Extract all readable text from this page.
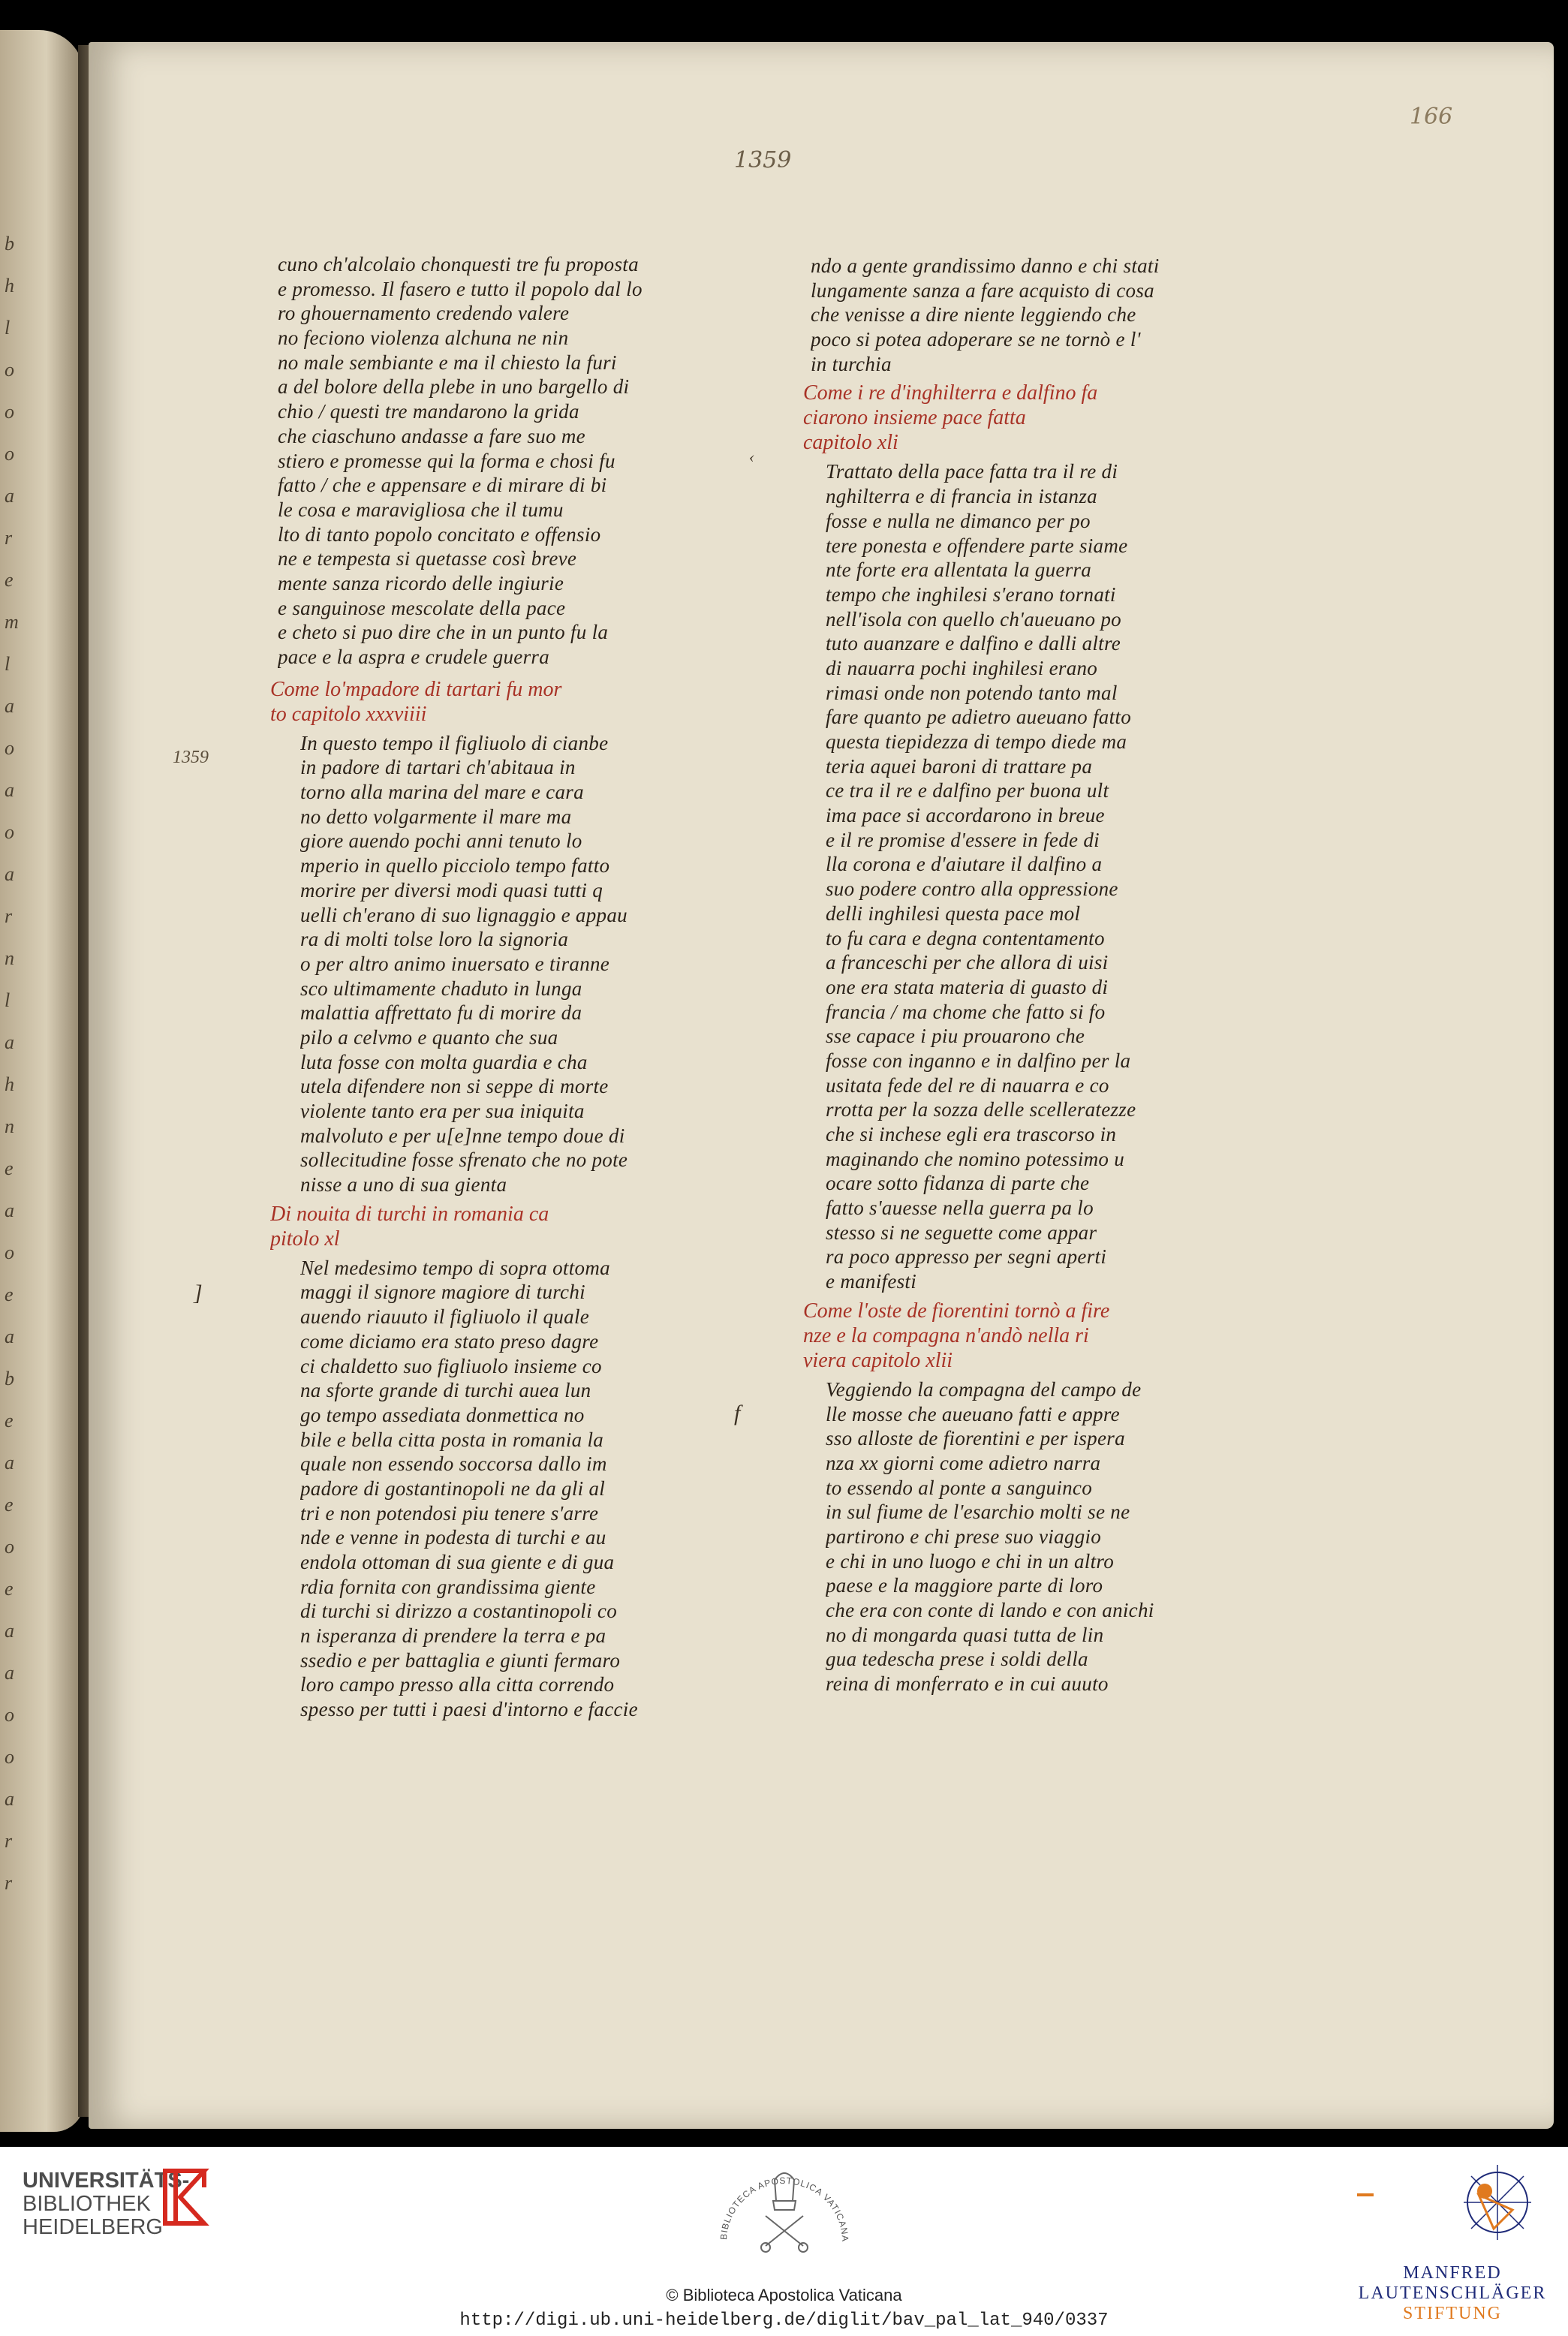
b
h
l
o
o
o
a
r
e
m
l
a
o
a
o
a
r
n
l
a
h
n
e
a
o
e
a
b
e
a
e
o
e
a
a
o
o
a
r
r
166
1359
1359
‹
]
f
cuno ch'alcolaio chonquesti tre fu proposta
e promesso. Il fasero e tutto il popolo dal lo
ro ghouernamento credendo valere
no feciono violenza alchuna ne nin
no male sembiante e ma il chiesto la furi
a del bolore della plebe in uno bargello di
chio / questi tre mandarono la grida
che ciaschuno andasse a fare suo me
stiero e promesse qui la forma e chosi fu
fatto / che e appensare e di mirare di bi
le cosa e maravigliosa che il tumu
lto di tanto popolo concitato e offensio
ne e tempesta si quetasse così breve
mente sanza ricordo delle ingiurie
e sanguinose mescolate della pace
e cheto si puo dire che in un punto fu la
pace e la aspra e crudele guerra
Come lo'mpadore di tartari fu mor
to capitolo xxxviiii
In questo tempo il figliuolo di cianbe
in padore di tartari ch'abitaua in
torno alla marina del mare e cara
no detto volgarmente il mare ma
giore auendo pochi anni tenuto lo
mperio in quello picciolo tempo fatto
morire per diversi modi quasi tutti q
uelli ch'erano di suo lignaggio e appau
ra di molti tolse loro la signoria
o per altro animo inuersato e tiranne
sco ultimamente chaduto in lunga
malattia affrettato fu di morire da
pilo a celvmo e quanto che sua
luta fosse con molta guardia e cha
utela difendere non si seppe di morte
violente tanto era per sua iniquita
malvoluto e per u[e]nne tempo doue di
sollecitudine fosse sfrenato che no pote
nisse a uno di sua gienta
Di nouita di turchi in romania ca
pitolo xl
Nel medesimo tempo di sopra ottoma
maggi il signore magiore di turchi
auendo riauuto il figliuolo il quale
come diciamo era stato preso dagre
ci chaldetto suo figliuolo insieme co
na sforte grande di turchi auea lun
go tempo assediata donmettica no
bile e bella citta posta in romania la
quale non essendo soccorsa dallo im
padore di gostantinopoli ne da gli al
tri e non potendosi piu tenere s'arre
nde e venne in podesta di turchi e au
endola ottoman di sua giente e di gua
rdia fornita con grandissima giente
di turchi si dirizzo a costantinopoli co
n isperanza di prendere la terra e pa
ssedio e per battaglia e giunti fermaro
loro campo presso alla citta correndo
spesso per tutti i paesi d'intorno e faccie
ndo a gente grandissimo danno e chi stati
lungamente sanza a fare acquisto di cosa
che venisse a dire niente leggiendo che
poco si potea adoperare se ne tornò e l'
in turchia
Come i re d'inghilterra e dalfino fa
ciarono insieme pace fatta
capitolo xli
Trattato della pace fatta tra il re di
nghilterra e di francia in istanza
fosse e nulla ne dimanco per po
tere ponesta e offendere parte siame
nte forte era allentata la guerra
tempo che inghilesi s'erano tornati
nell'isola con quello ch'aueuano po
tuto auanzare e dalfino e dalli altre
di nauarra pochi inghilesi erano
rimasi onde non potendo tanto mal
fare quanto pe adietro aueuano fatto
questa tiepidezza di tempo diede ma
teria aquei baroni di trattare pa
ce tra il re e dalfino per buona ult
ima pace si accordarono in breue
e il re promise d'essere in fede di
lla corona e d'aiutare il dalfino a
suo podere contro alla oppressione
delli inghilesi questa pace mol
to fu cara e degna contentamento
a franceschi per che allora di uisi
one era stata materia di guasto di
francia / ma chome che fatto si fo
sse capace i piu prouarono che
fosse con inganno e in dalfino per la
usitata fede del re di nauarra e co
rrotta per la sozza delle scelleratezze
che si inchese egli era trascorso in
maginando che nomino potessimo u
ocare sotto fidanza di parte che
fatto s'auesse nella guerra pa lo
stesso si ne seguette come appar
ra poco appresso per segni aperti
e manifesti
Come l'oste de fiorentini tornò a fire
nze e la compagna n'andò nella ri
viera capitolo xlii
Veggiendo la compagna del campo de
lle mosse che aueuano fatti e appre
sso alloste de fiorentini e per ispera
nza xx giorni come adietro narra
to essendo al ponte a sanguinco
in sul fiume de l'esarchio molti se ne
partirono e chi prese suo viaggio
e chi in uno luogo e chi in un altro
paese e la maggiore parte di loro
che era con conte di lando e con anichi
no di mongarda quasi tutta de lin
gua tedescha prese i soldi della
reina di monferrato e in cui auuto
UNIVERSITÄTS-
BIBLIOTHEK
HEIDELBERG	BIBLIOTECA APOSTOLICA VATICANA
© Biblioteca Apostolica Vaticana
http://digi.ub.uni-heidelberg.de/diglit/bav_pal_lat_940/0337
MANFRED
LAUTENSCHLÄGER
STIFTUNG
